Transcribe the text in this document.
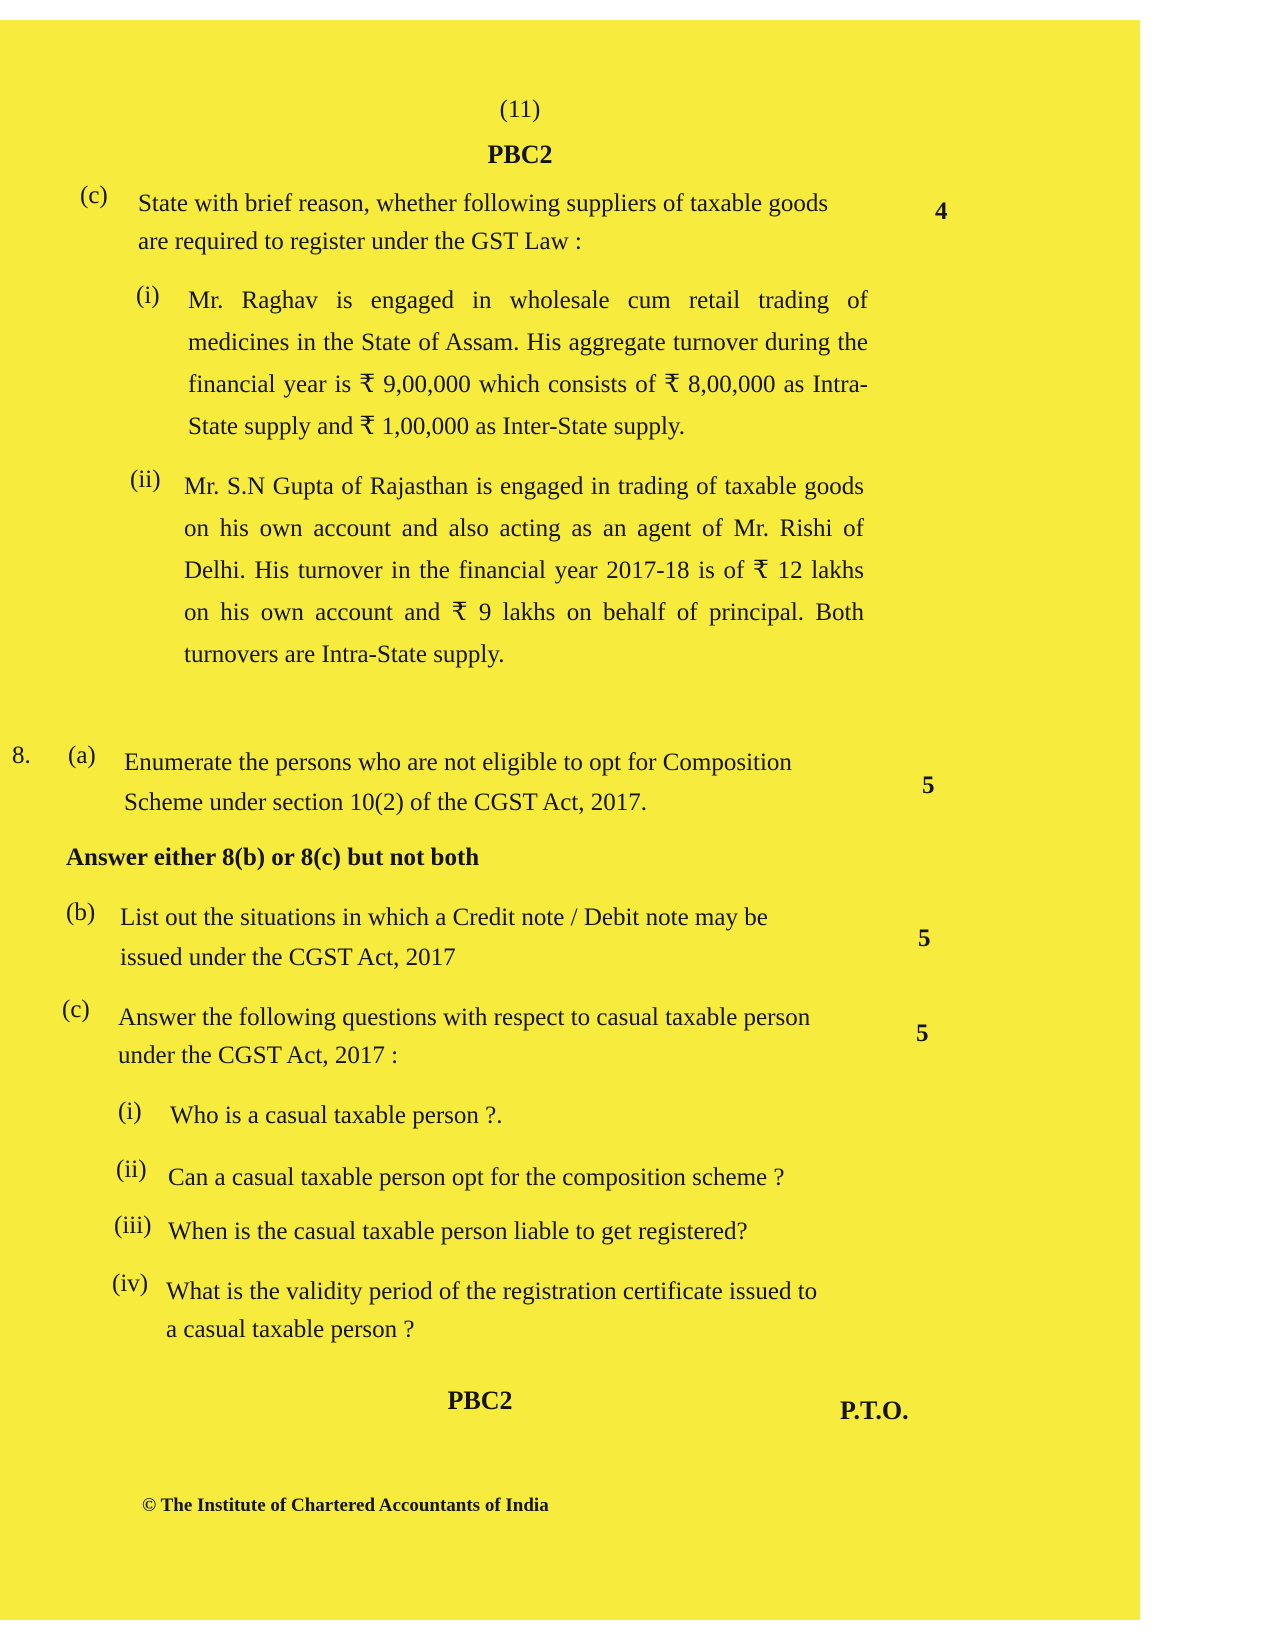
(11)
PBC2
(c) State with brief reason, whether following suppliers of taxable goods
are required to register under the GST Law :
4
(i) Mr. Raghav is engaged in wholesale cum retail trading of medicines in the State of Assam. His aggregate turnover during the financial year is ₹ 9,00,000 which consists of ₹ 8,00,000 as Intra-State supply and ₹ 1,00,000 as Inter-State supply.
(ii) Mr. S.N Gupta of Rajasthan is engaged in trading of taxable goods on his own account and also acting as an agent of Mr. Rishi of Delhi. His turnover in the financial year 2017-18 is of ₹ 12 lakhs on his own account and ₹ 9 lakhs on behalf of principal. Both turnovers are Intra-State supply.
8. (a) Enumerate the persons who are not eligible to opt for Composition
Scheme under section 10(2) of the CGST Act, 2017.
5
Answer either 8(b) or 8(c) but not both
(b) List out the situations in which a Credit note / Debit note may be
issued under the CGST Act, 2017
5
(c) Answer the following questions with respect to casual taxable person
under the CGST Act, 2017 :
5
(i) Who is a casual taxable person ?.
(ii) Can a casual taxable person opt for the composition scheme ?
(iii) When is the casual taxable person liable to get registered?
(iv) What is the validity period of the registration certificate issued to
a casual taxable person ?
PBC2	P.T.O.
© The Institute of Chartered Accountants of India
